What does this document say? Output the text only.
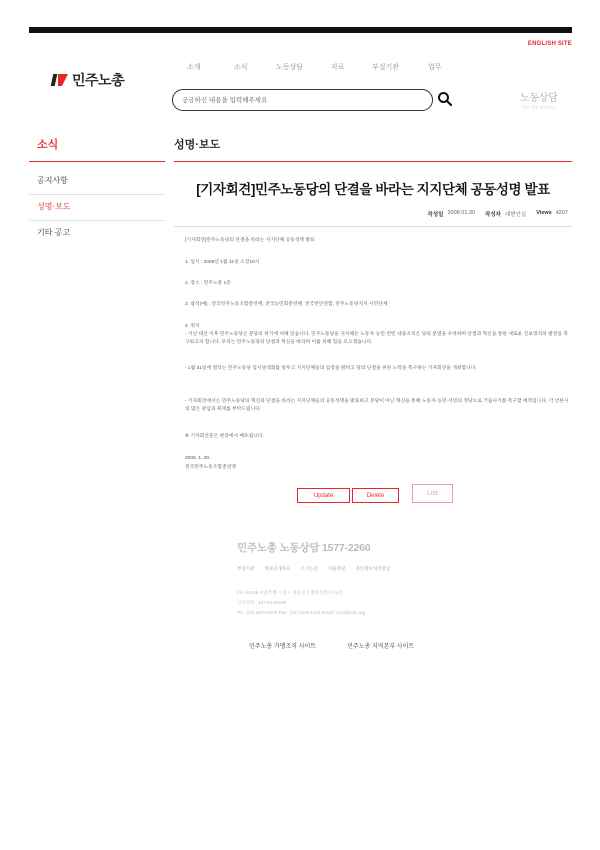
ENGLISH SITE
민주노총
소개	소식	노동상담	자료	부설기관	업무
궁금하신 내용을 입력해주세요
노동상담
전문 상담 바로가기
소식
공지사항
성명·보도
기타 공고
성명·보도
[기자회견]민주노동당의 단결을 바라는 지지단체 공동성명 발표
작성일 2008.01.30 작성자 대변인실 Views 4207
[기자회견]민주노동당의 단결을 바라는 지지단체 공동성명 발표
1. 일시 : 2008년 1월 31일 오전10시
2. 장소 : 민주노총 1층
3. 참석(예) : 전국민주노동조합총연맹, 전국농민회총연맹, 전국빈민연합, 민주노동당지지 시민단체
4. 취지
- 지난 대선 이후 민주노동당은 분당의 위기에 처해 있습니다. 민주노동당을 지지해온 노동자·농민·빈민 대중조직은 당의 분열을 우려하며 단결과 혁신을 통한 새로운 진보정치의 발전을 촉구하고자 합니다. 우리는 민주노동당의 단결과 혁신을 바라며 이를 위해 힘을 모으겠습니다.
- 1월 31일에 열리는 민주노동당 임시당대회를 앞두고 지지단체들의 입장을 밝히고 당의 단결을 위한 노력을 촉구하는 기자회견을 개최합니다.
- 기자회견에서는 민주노동당의 혁신과 단결을 바라는 지지단체들의 공동성명을 발표하고 분당이 아닌 혁신을 통해 노동자·농민·서민의 정당으로 거듭나기를 촉구할 예정입니다. 각 언론사의 많은 관심과 취재를 부탁드립니다.
※ 기자회견문은 현장에서 배포됩니다.
2008. 1. 30.
전국민주노동조합총연맹
Update	Delete	List
민주노총 노동상담 1577-2260
부설기관 정보공개자료 오시는길 이용약관 개인정보처리방침
(우) 04518 서울특별시 중구 정동길 3 경향신문사 14층
고유번호 : 107-82-08109
Tel : (02) 2670-9100 Fax : (02) 2635-1134 Email : kctu@kctu.org
민주노총 가맹조직 사이트	민주노총 지역본부 사이트
